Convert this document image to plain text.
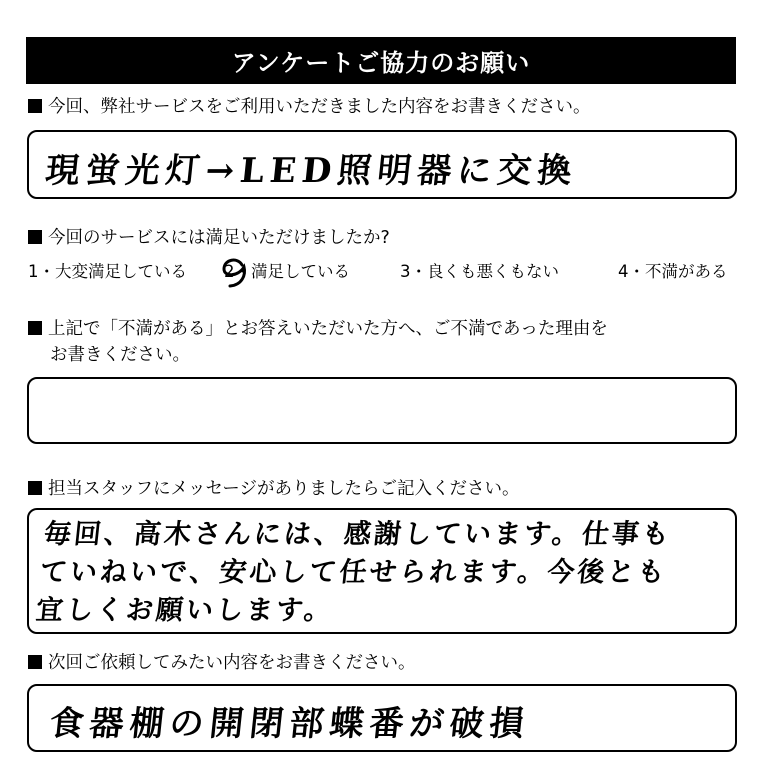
アンケートご協力のお願い
今回、弊社サービスをご利用いただきました内容をお書きください。
現蛍光灯→LED照明器に交換
今回のサービスには満足いただけましたか?
1・大変満足している 2・満足している	3・良くも悪くもない	4・不満がある
上記で「不満がある」とお答えいただいた方へ、ご不満であった理由を
お書きください。
担当スタッフにメッセージがありましたらご記入ください。
毎回、高木さんには、感謝しています。仕事も
ていねいで、安心して任せられます。今後とも
宜しくお願いします。
次回ご依頼してみたい内容をお書きください。
食器棚の開閉部蝶番が破損
